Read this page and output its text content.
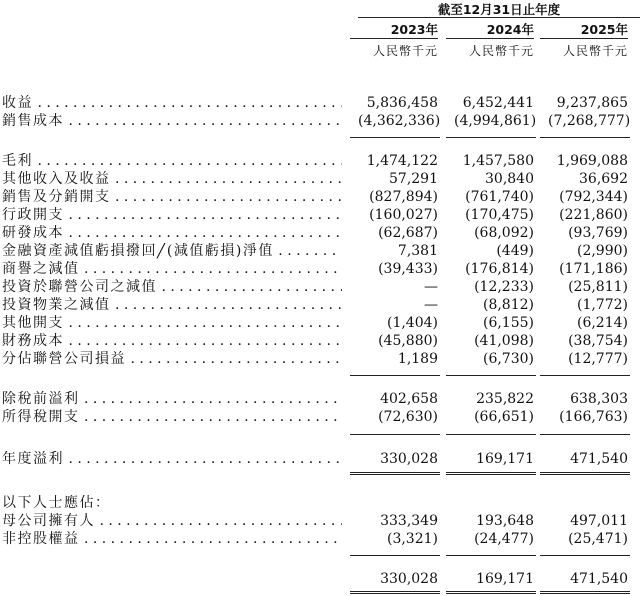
截至12月31日止年度
2023年	2024年	2025年
人民幣千元	人民幣千元	人民幣千元
收益 . . .	5,836,458	6,452,441	9,237,865
銷售成本 . . .	(4,362,336) (4,994,861) (7,268,777)
毛利 . . .	1,474,122	1,457,580	1,969,088
其他收入及收益 . . .	57,291	30,840	36,692
銷售及分銷開支 . . .	(827,894)	(761,740)	(792,344)
行政開支 . . .	(160,027)	(170,475)	(221,860)
研發成本 . . .	(62,687)	(68,092)	(93,769)
金融資產減值虧損撥回╱(減值虧損)淨值 . . .	7,381	(449)	(2,990)
商譽之減值 . . .	(39,433)	(176,814)	(171,186)
投資於聯營公司之減值 . . .	—	(12,233)	(25,811)
投資物業之減值 . . .	—	(8,812)	(1,772)
其他開支 . . .	(1,404)	(6,155)	(6,214)
財務成本 . . .	(45,880)	(41,098)	(38,754)
分佔聯營公司損益 . . .	1,189	(6,730)	(12,777)
除稅前溢利 . . .	402,658	235,822	638,303
所得稅開支 . . .	(72,630)	(66,651)	(166,763)
年度溢利 . . .	330,028	169,171	471,540
以下人士應佔：
母公司擁有人 . . .	333,349	193,648	497,011
非控股權益 . . .	(3,321)	(24,477)	(25,471)
330,028	169,171	471,540
